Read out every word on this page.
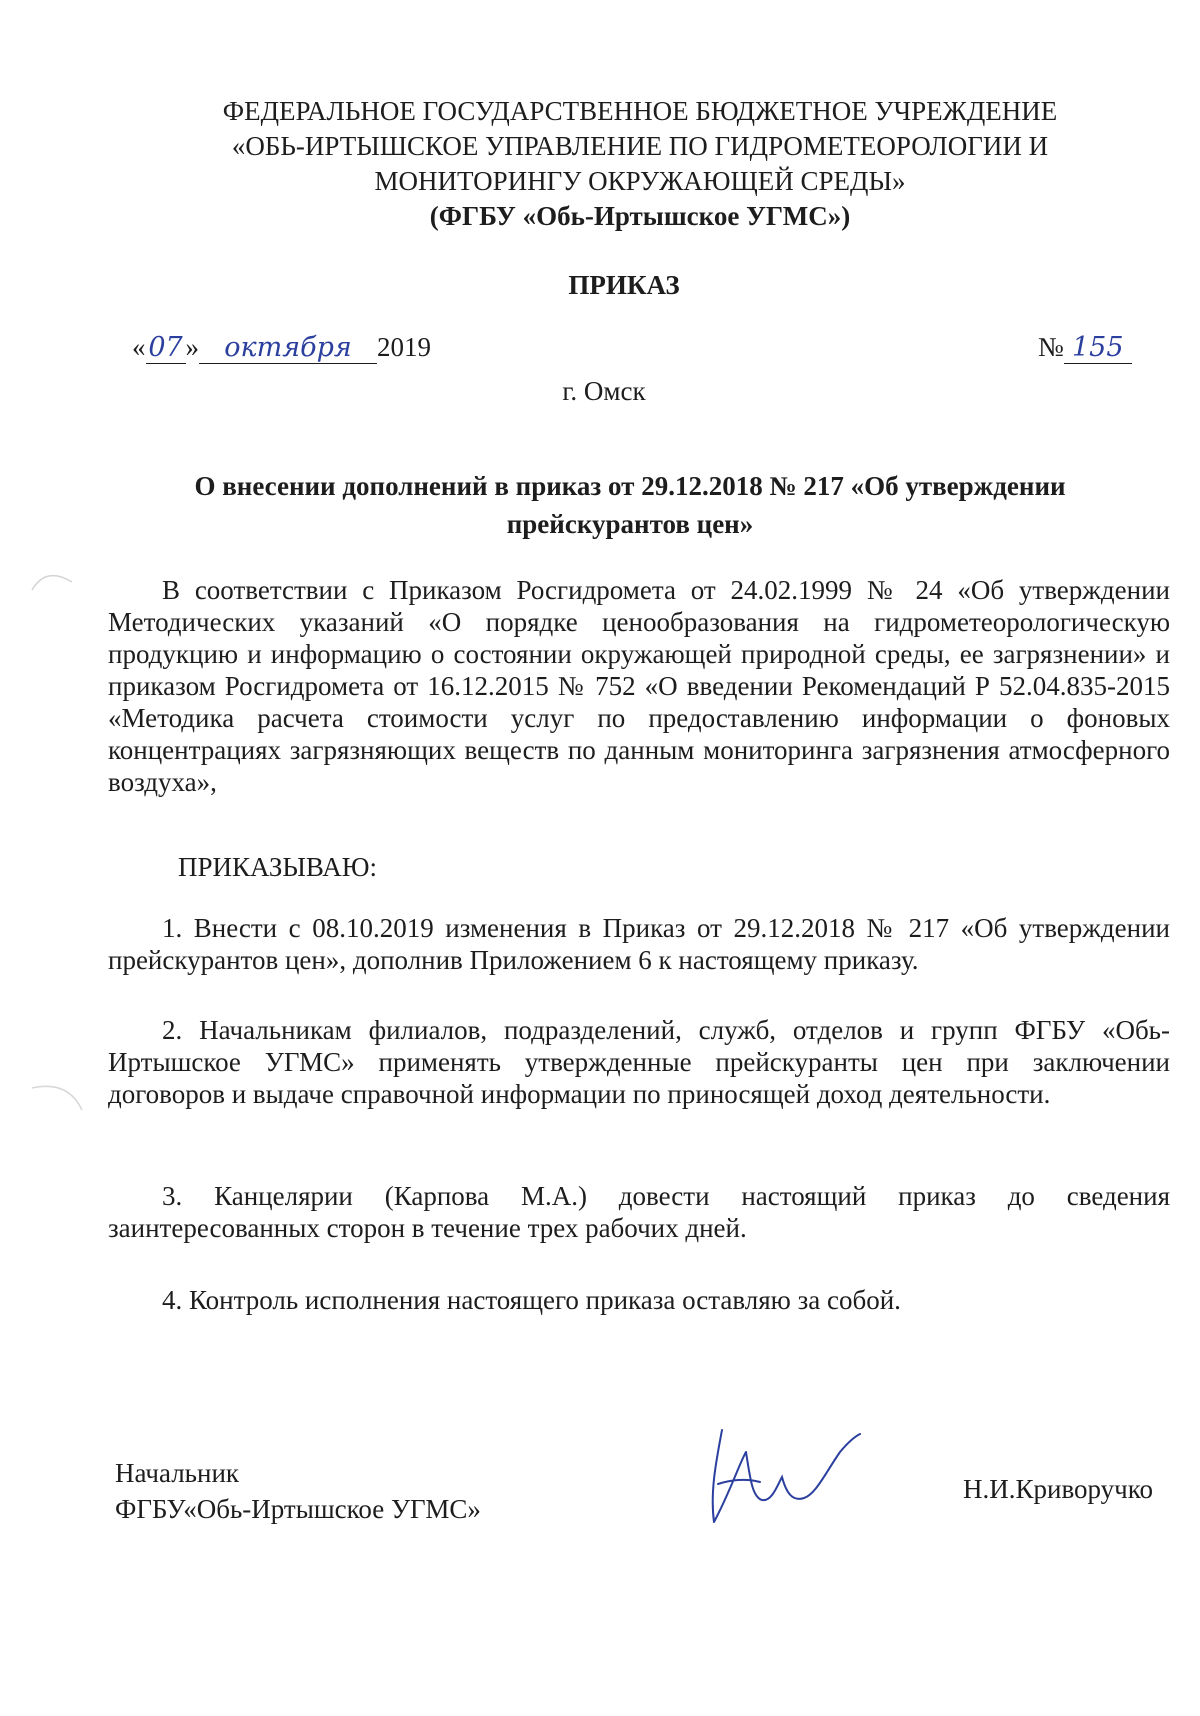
ФЕДЕРАЛЬНОЕ ГОСУДАРСТВЕННОЕ БЮДЖЕТНОЕ УЧРЕЖДЕНИЕ
«ОБЬ-ИРТЫШСКОЕ УПРАВЛЕНИЕ ПО ГИДРОМЕТЕОРОЛОГИИ И
МОНИТОРИНГУ ОКРУЖАЮЩЕЙ СРЕДЫ»
(ФГБУ «Обь-Иртышское УГМС»)
ПРИКАЗ
« 07 » октября 2019	№ 155
г. Омск
О внесении дополнений в приказ от 29.12.2018 № 217 «Об утверждении
прейскурантов цен»
В соответствии с Приказом Росгидромета от 24.02.1999 № 24 «Об утверждении Методических указаний «О порядке ценообразования на гидрометеорологическую продукцию и информацию о состоянии окружающей природной среды, ее загрязнении» и приказом Росгидромета от 16.12.2015 № 752 «О введении Рекомендаций Р 52.04.835-2015 «Методика расчета стоимости услуг по предоставлению информации о фоновых концентрациях загрязняющих веществ по данным мониторинга загрязнения атмосферного воздуха»,
ПРИКАЗЫВАЮ:
1. Внести с 08.10.2019 изменения в Приказ от 29.12.2018 № 217 «Об утверждении прейскурантов цен», дополнив Приложением 6 к настоящему приказу.
2. Начальникам филиалов, подразделений, служб, отделов и групп ФГБУ «Обь-Иртышское УГМС» применять утвержденные прейскуранты цен при заключении договоров и выдаче справочной информации по приносящей доход деятельности.
3. Канцелярии (Карпова М.А.) довести настоящий приказ до сведения заинтересованных сторон в течение трех рабочих дней.
4. Контроль исполнения настоящего приказа оставляю за собой.
Начальник
ФГБУ«Обь-Иртышское УГМС»
Н.И.Криворучко
